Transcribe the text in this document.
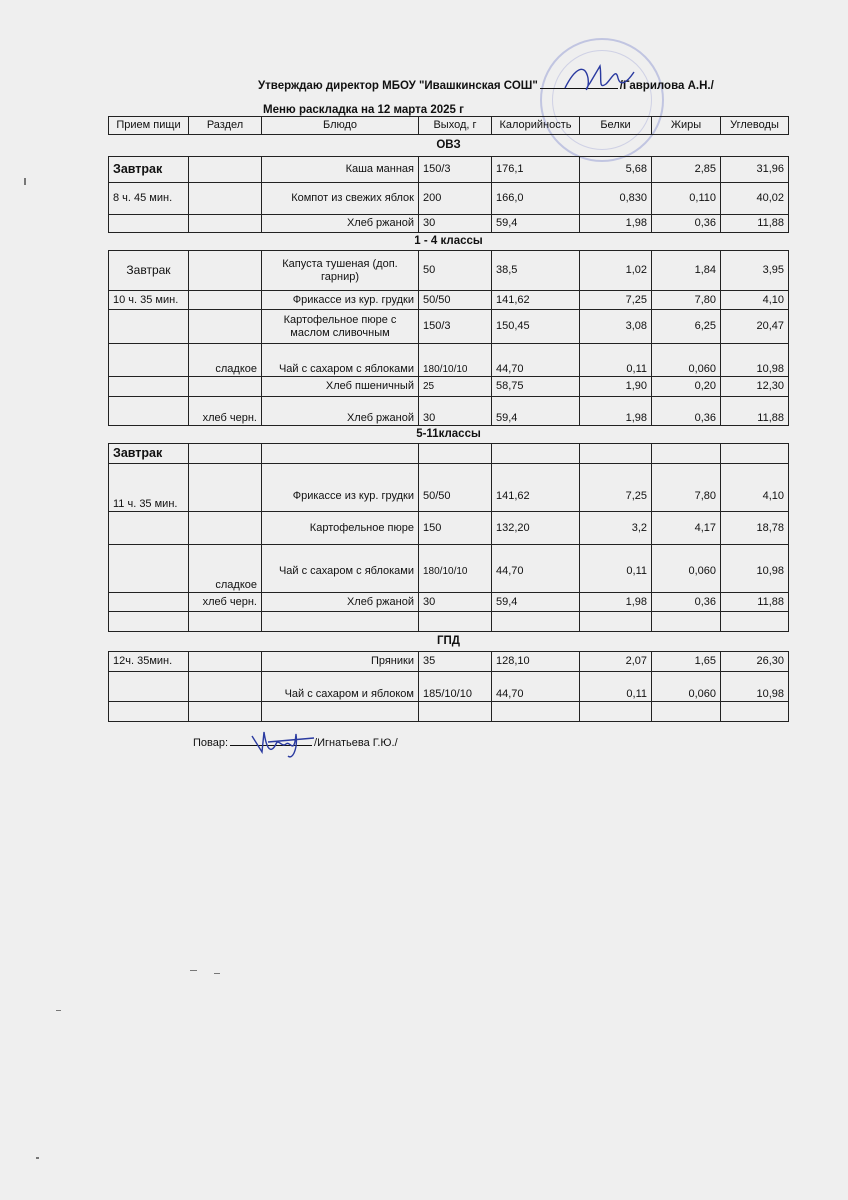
Утверждаю директор МБОУ "Ивашкинская СОШ"	/Гаврилова А.Н./
Меню раскладка на 12 марта 2025 г
Прием пищи	Раздел	Блюдо	Выход, г	Калорийность	Белки	Жиры	Углеводы
ОВЗ							
Завтрак		Каша манная	150/3	176,1	5,68	2,85	31,96
8 ч. 45 мин.		Компот из свежих яблок	200	166,0	0,830	0,110	40,02
		Хлеб ржаной	30	59,4	1,98	0,36	11,88
1 - 4 классы							
Завтрак		Капуста тушеная (доп. гарнир)	50	38,5	1,02	1,84	3,95
10 ч. 35 мин.		Фрикассе из кур. грудки	50/50	141,62	7,25	7,80	4,10
		Картофельное пюре с маслом сливочным	150/3	150,45	3,08	6,25	20,47
	сладкое	Чай с сахаром с яблоками	180/10/10	44,70	0,11	0,060	10,98
		Хлеб пшеничный	25	58,75	1,90	0,20	12,30
	хлеб черн.	Хлеб ржаной	30	59,4	1,98	0,36	11,88
5-11классы							
Завтрак							
11 ч. 35 мин.		Фрикассе из кур. грудки	50/50	141,62	7,25	7,80	4,10
		Картофельное пюре	150	132,20	3,2	4,17	18,78
	сладкое	Чай с сахаром с яблоками	180/10/10	44,70	0,11	0,060	10,98
	хлеб черн.	Хлеб ржаной	30	59,4	1,98	0,36	11,88

ГПД							
12ч. 35мин.		Пряники	35	128,10	2,07	1,65	26,30
		Чай с сахаром и яблоком	185/10/10	44,70	0,11	0,060	10,98

Повар:	/Игнатьева Г.Ю./
